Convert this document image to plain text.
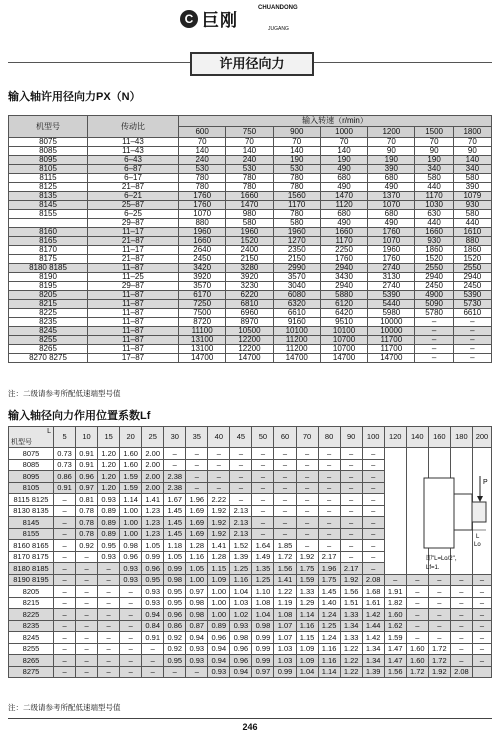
C 巨刚
CHUANDONG
JUGANG
许用径向力
输入轴许用径向力PX（N）
机型号	传动比	输入转速（r/min）						
		600	750	900	1000	1200	1500	1800
8075	11–43	70	70	70	70	70	70	70
8085	11–43	140	140	140	140	90	90	90
8095	6–43	240	240	190	190	190	190	140
8105	6–87	530	530	530	490	390	340	340
8115	6–17	780	780	780	680	680	580	580
8125	21–87	780	780	780	490	490	440	390
8135	6–21	1760	1660	1560	1470	1370	1170	1079
8145	25–87	1760	1470	1170	1120	1070	1030	930
8155	6–25	1070	980	780	680	680	630	580
	29–87	880	580	580	490	490	440	440
8160	11–17	1960	1960	1960	1660	1760	1660	1610
8165	21–87	1660	1520	1270	1170	1070	930	880
8170	11–17	2640	2400	2350	2250	1960	1860	1860
8175	21–87	2450	2150	2150	1760	1760	1520	1520
8180 8185	11–87	3420	3280	2990	2940	2740	2550	2550
8190	11–25	3920	3920	3570	3430	3130	2940	2940
8195	29–87	3570	3230	3040	2940	2740	2450	2450
8205	11–87	6170	6220	6080	5880	5390	4900	5390
8215	11–87	7250	6810	6320	6120	5440	5090	5730
8225	11–87	7500	6960	6610	6420	5980	5780	6610
8235	11–87	8720	8970	9160	9510	10000	–	–
8245	11–87	11100	10500	10100	10100	10000	–	–
8255	11–87	13100	12200	11200	10700	11700	–	–
8265	11–87	13100	12200	11200	10700	11700	–	–
8270 8275	17–87	14700	14700	14700	14700	14700	–	–
注：二级请参考所配低速端型号值
输入轴径向力作用位置系数Lf
L
机型号	5	10	15	20	25	30	35	40	45	50	60	70	80	90	100	120	140	160	180	200
8075	0.73	0.91	1.20	1.60	2.00	–	–	–	–	–	–	–	–	–	–					
8085	0.73	0.91	1.20	1.60	2.00	–	–	–	–	–	–	–	–	–	–					
8095	0.86	0.96	1.20	1.59	2.00	2.38	–	–	–	–	–	–	–	–	–					
8105	0.91	0.97	1.20	1.59	2.00	2.38	–	–	–	–	–	–	–	–	–					
8115 8125	–	0.81	0.93	1.14	1.41	1.67	1.96	2.22	–	–	–	–	–	–	–					
8130 8135	–	0.78	0.89	1.00	1.23	1.45	1.69	1.92	2.13	–	–	–	–	–	–					
8145	–	0.78	0.89	1.00	1.23	1.45	1.69	1.92	2.13	–	–	–	–	–	–					
8155	–	0.78	0.89	1.00	1.23	1.45	1.69	1.92	2.13	–	–	–	–	–	–					
8160 8165	–	0.92	0.95	0.98	1.05	1.18	1.28	1.41	1.52	1.64	1.85	–	–	–	–					
8170 8175	–	–	0.93	0.96	0.99	1.05	1.16	1.28	1.39	1.49	1.72	1.92	2.17	–	–					
8180 8185	–	–	–	0.93	0.96	0.99	1.05	1.15	1.25	1.35	1.56	1.75	1.96	2.17	–					
8190 8195	–	–	–	0.93	0.95	0.98	1.00	1.09	1.16	1.25	1.41	1.59	1.75	1.92	2.08	–	–	–	–	–
8205	–	–	–	–	0.93	0.95	0.97	1.00	1.04	1.10	1.22	1.33	1.45	1.56	1.68	1.91	–	–	–	–
8215	–	–	–	–	0.93	0.95	0.98	1.00	1.03	1.08	1.19	1.29	1.40	1.51	1.61	1.82	–	–	–	–
8225	–	–	–	–	0.94	0.96	0.98	1.00	1.02	1.04	1.08	1.14	1.24	1.33	1.42	1.60	–	–	–	–
8235	–	–	–	–	0.84	0.86	0.87	0.89	0.93	0.98	1.07	1.16	1.25	1.34	1.44	1.62	–	–	–	–
8245	–	–	–	–	0.91	0.92	0.94	0.96	0.98	0.99	1.07	1.15	1.24	1.33	1.42	1.59	–	–	–	–
8255	–	–	–	–	–	0.92	0.93	0.94	0.96	0.99	1.03	1.09	1.16	1.22	1.34	1.47	1.60	1.72	–	–
8265	–	–	–	–	–	0.95	0.93	0.94	0.96	0.99	1.03	1.09	1.16	1.22	1.34	1.47	1.60	1.72	–	–
8275	–	–	–	–	–	–	–	0.93	0.94	0.97	0.99	1.04	1.14	1.22	1.39	1.56	1.72	1.92	2.08	
P
L
Lo
即"L=Lo/2"，
Lf=1.
注：二级请参考所配低速端型号值
246
